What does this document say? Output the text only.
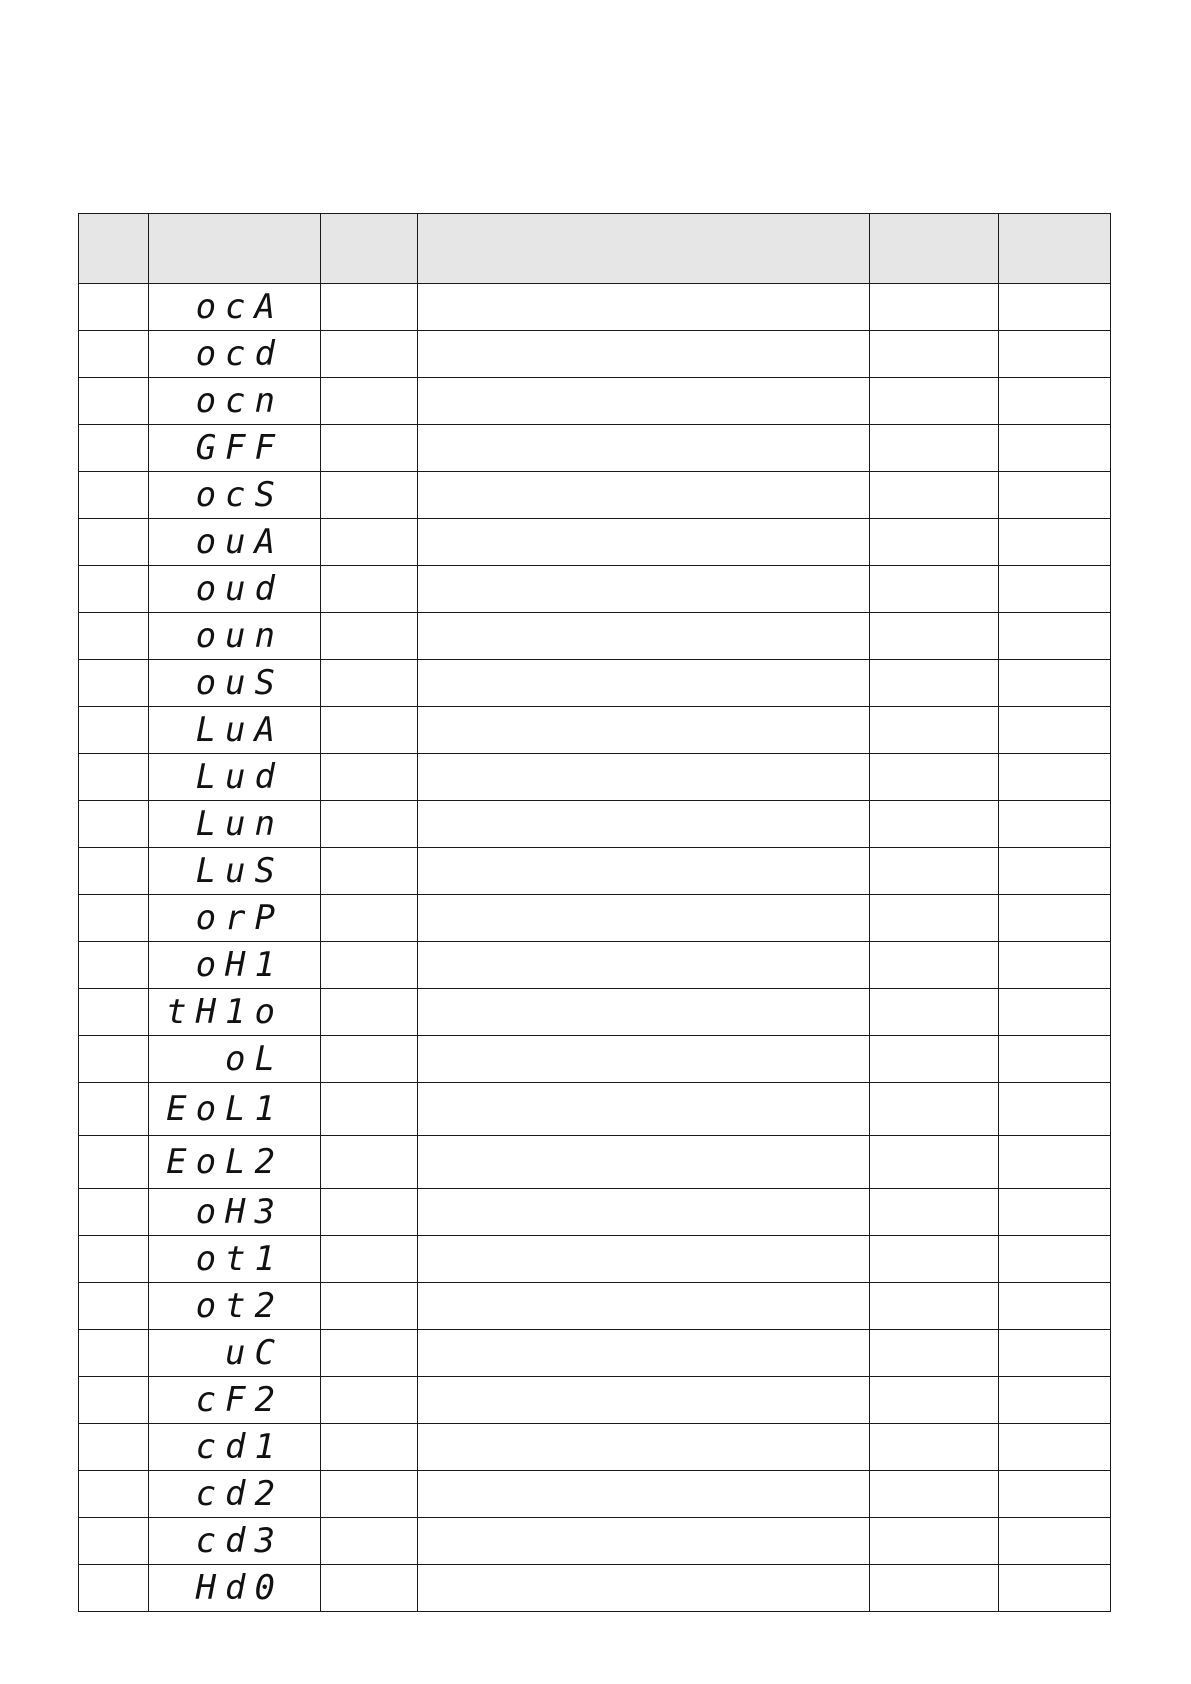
	ocA				

	ocd				

	ocn				

	GFF				

	ocS				

	ouA				

	oud				

	oun				

	ouS				

	LuA				

	Lud				

	Lun				

	LuS				

	orP				

	oH1				

	tH1o				

	oL				

	EoL1				

	EoL2				

	oH3				

	ot1				

	ot2				

	uC				

	cF2				

	cd1				

	cd2				

	cd3				

	Hd0				
